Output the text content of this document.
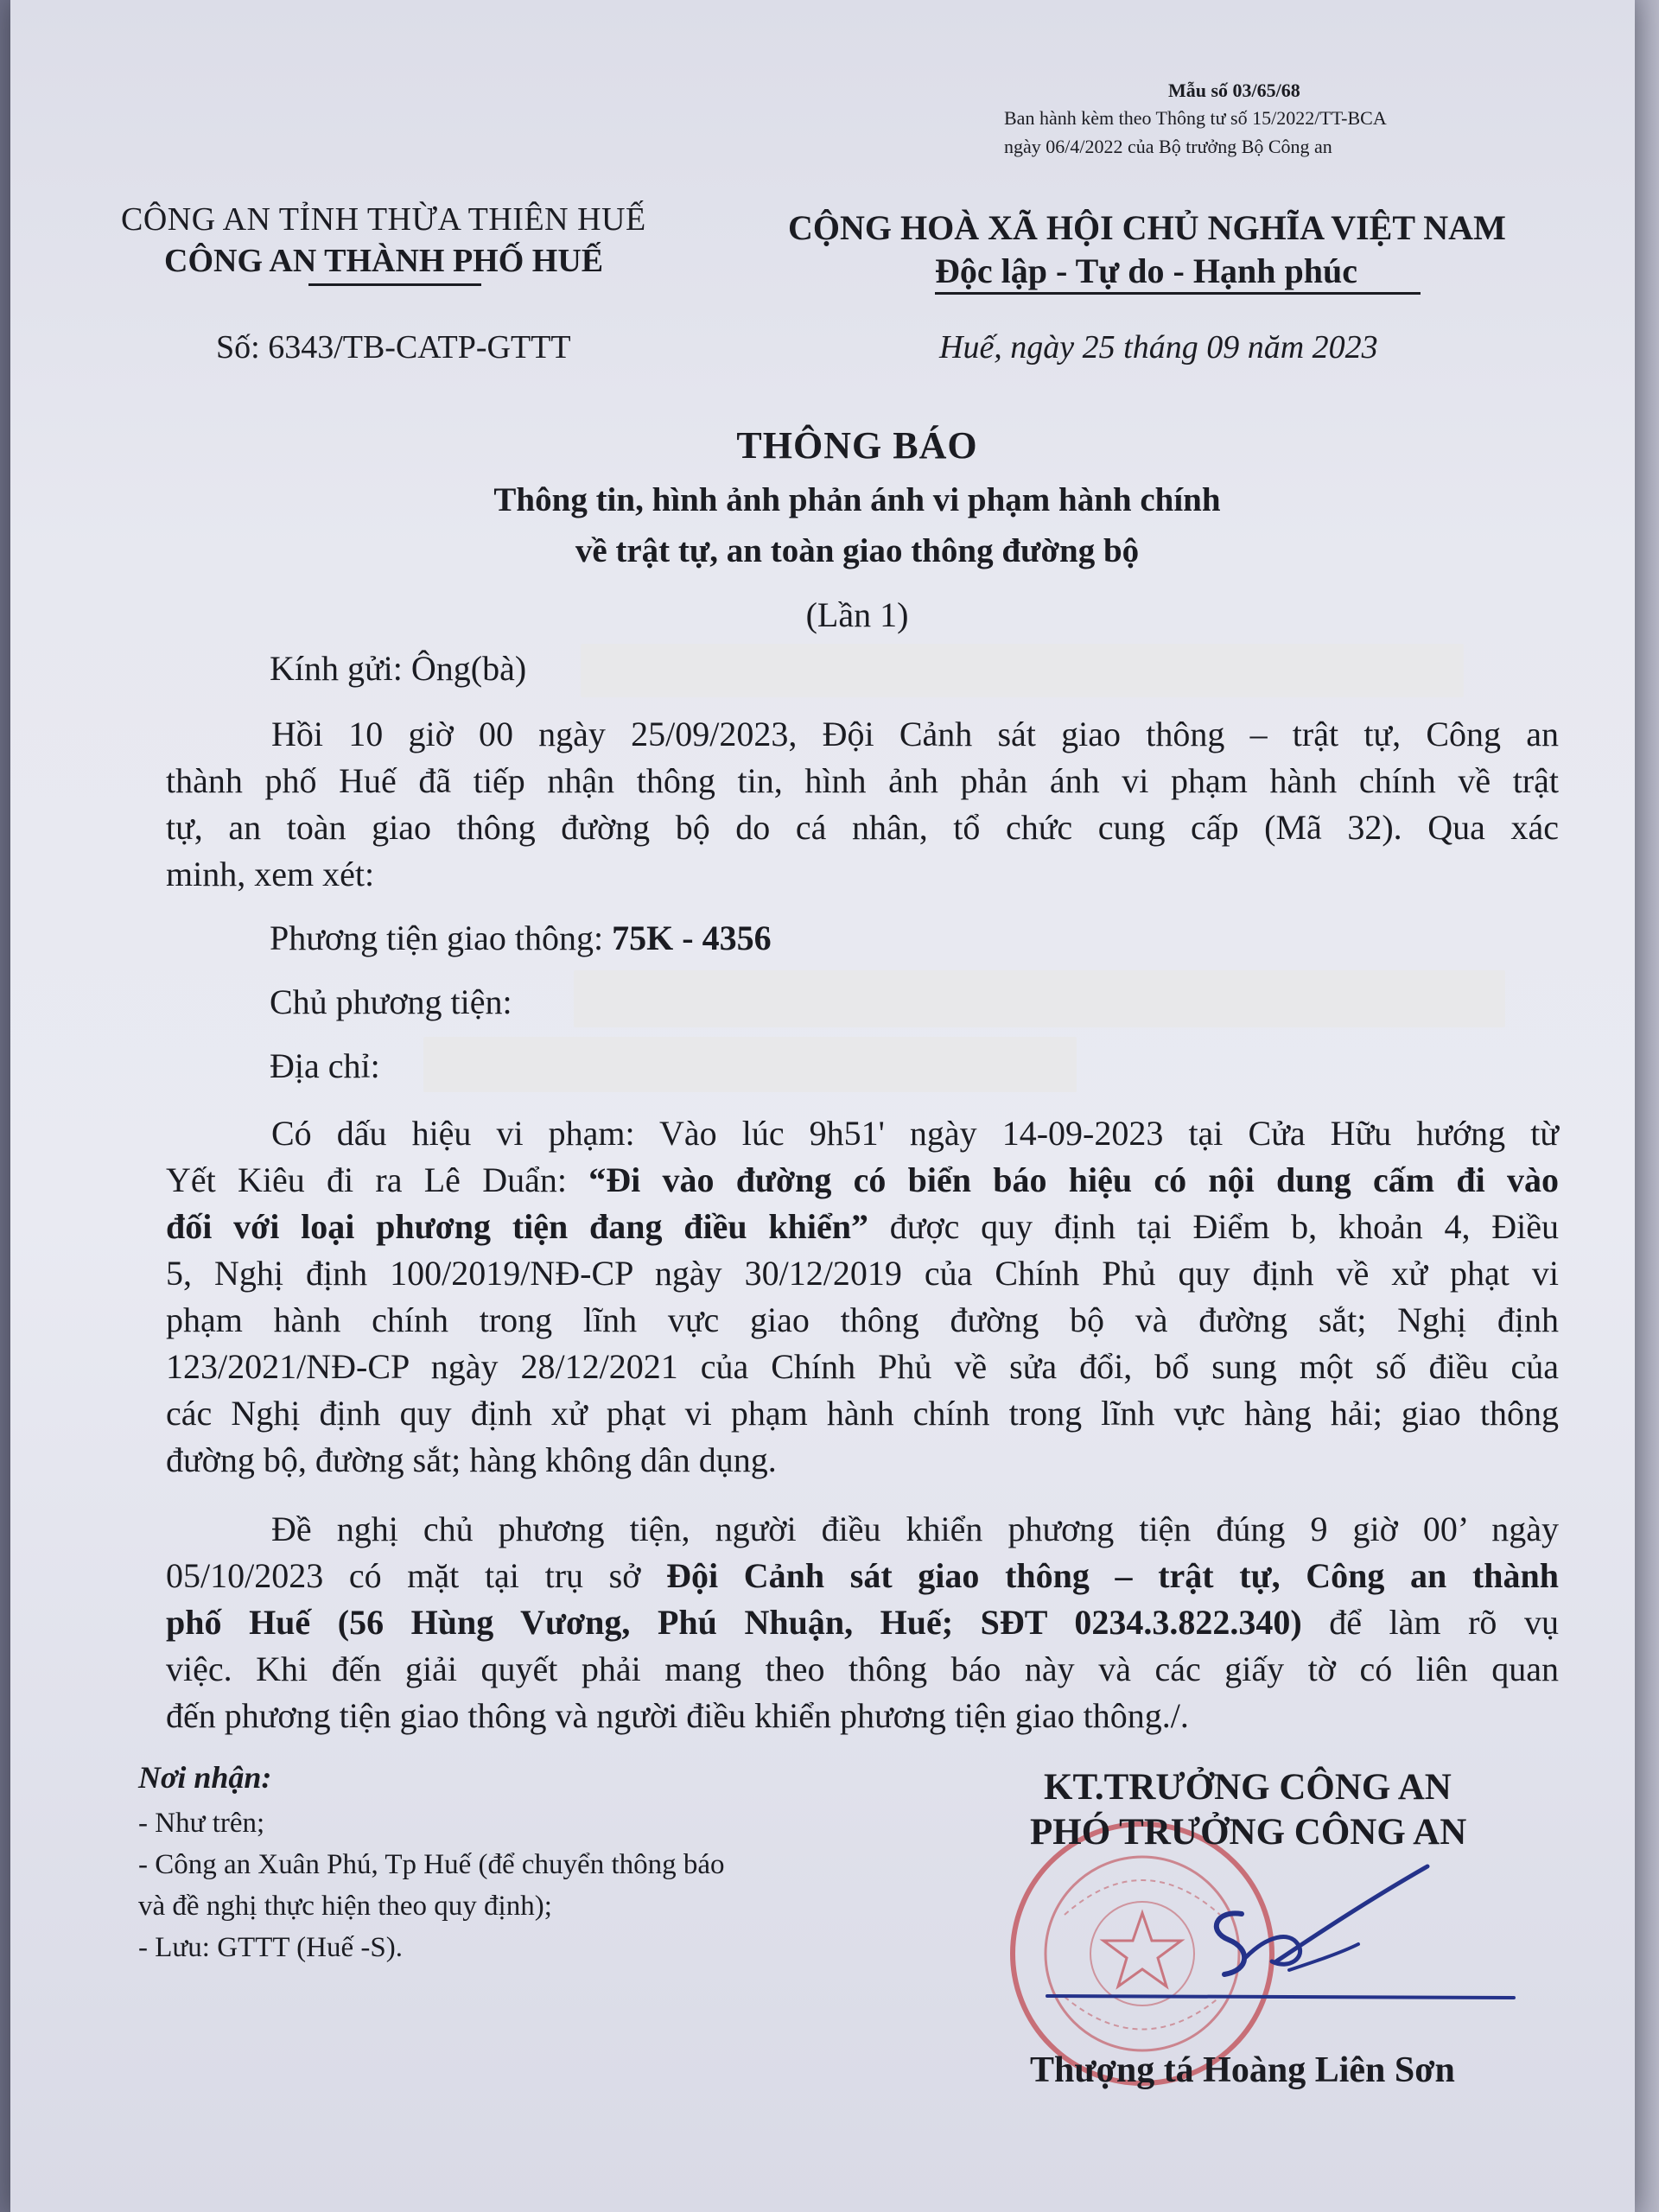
Mẫu số 03/65/68
Ban hành kèm theo Thông tư số 15/2022/TT-BCA
ngày 06/4/2022 của Bộ trưởng Bộ Công an
CÔNG AN TỈNH THỪA THIÊN HUẾ
CÔNG AN THÀNH PHỐ HUẾ
CỘNG HOÀ XÃ HỘI CHỦ NGHĨA VIỆT NAM
Độc lập - Tự do - Hạnh phúc
Số: 6343/TB-CATP-GTTT	Huế, ngày 25 tháng 09 năm 2023
THÔNG BÁO
Thông tin, hình ảnh phản ánh vi phạm hành chính
về trật tự, an toàn giao thông đường bộ
(Lần 1)
Kính gửi: Ông(bà)
Hồi 10 giờ 00 ngày 25/09/2023, Đội Cảnh sát giao thông – trật tự, Công an
thành phố Huế đã tiếp nhận thông tin, hình ảnh phản ánh vi phạm hành chính về trật
tự, an toàn giao thông đường bộ do cá nhân, tổ chức cung cấp (Mã 32). Qua xác
minh, xem xét:
Phương tiện giao thông: 75K - 4356
Chủ phương tiện:
Địa chỉ:
Có dấu hiệu vi phạm: Vào lúc 9h51' ngày 14-09-2023 tại Cửa Hữu hướng từ
Yết Kiêu đi ra Lê Duẩn: “Đi vào đường có biển báo hiệu có nội dung cấm đi vào
đối với loại phương tiện đang điều khiển” được quy định tại Điểm b, khoản 4, Điều
5, Nghị định 100/2019/NĐ-CP ngày 30/12/2019 của Chính Phủ quy định về xử phạt vi
phạm hành chính trong lĩnh vực giao thông đường bộ và đường sắt; Nghị định
123/2021/NĐ-CP ngày 28/12/2021 của Chính Phủ về sửa đổi, bổ sung một số điều của
các Nghị định quy định xử phạt vi phạm hành chính trong lĩnh vực hàng hải; giao thông
đường bộ, đường sắt; hàng không dân dụng.
Đề nghị chủ phương tiện, người điều khiển phương tiện đúng 9 giờ 00’ ngày
05/10/2023 có mặt tại trụ sở Đội Cảnh sát giao thông – trật tự, Công an thành
phố Huế (56 Hùng Vương, Phú Nhuận, Huế; SĐT 0234.3.822.340) để làm rõ vụ
việc. Khi đến giải quyết phải mang theo thông báo này và các giấy tờ có liên quan
đến phương tiện giao thông và người điều khiển phương tiện giao thông./.
Nơi nhận:
- Như trên;
- Công an Xuân Phú, Tp Huế (để chuyển thông báo
và đề nghị thực hiện theo quy định);
- Lưu: GTTT (Huế -S).
KT.TRƯỞNG CÔNG AN
PHÓ TRƯỞNG CÔNG AN
Thượng tá Hoàng Liên Sơn
